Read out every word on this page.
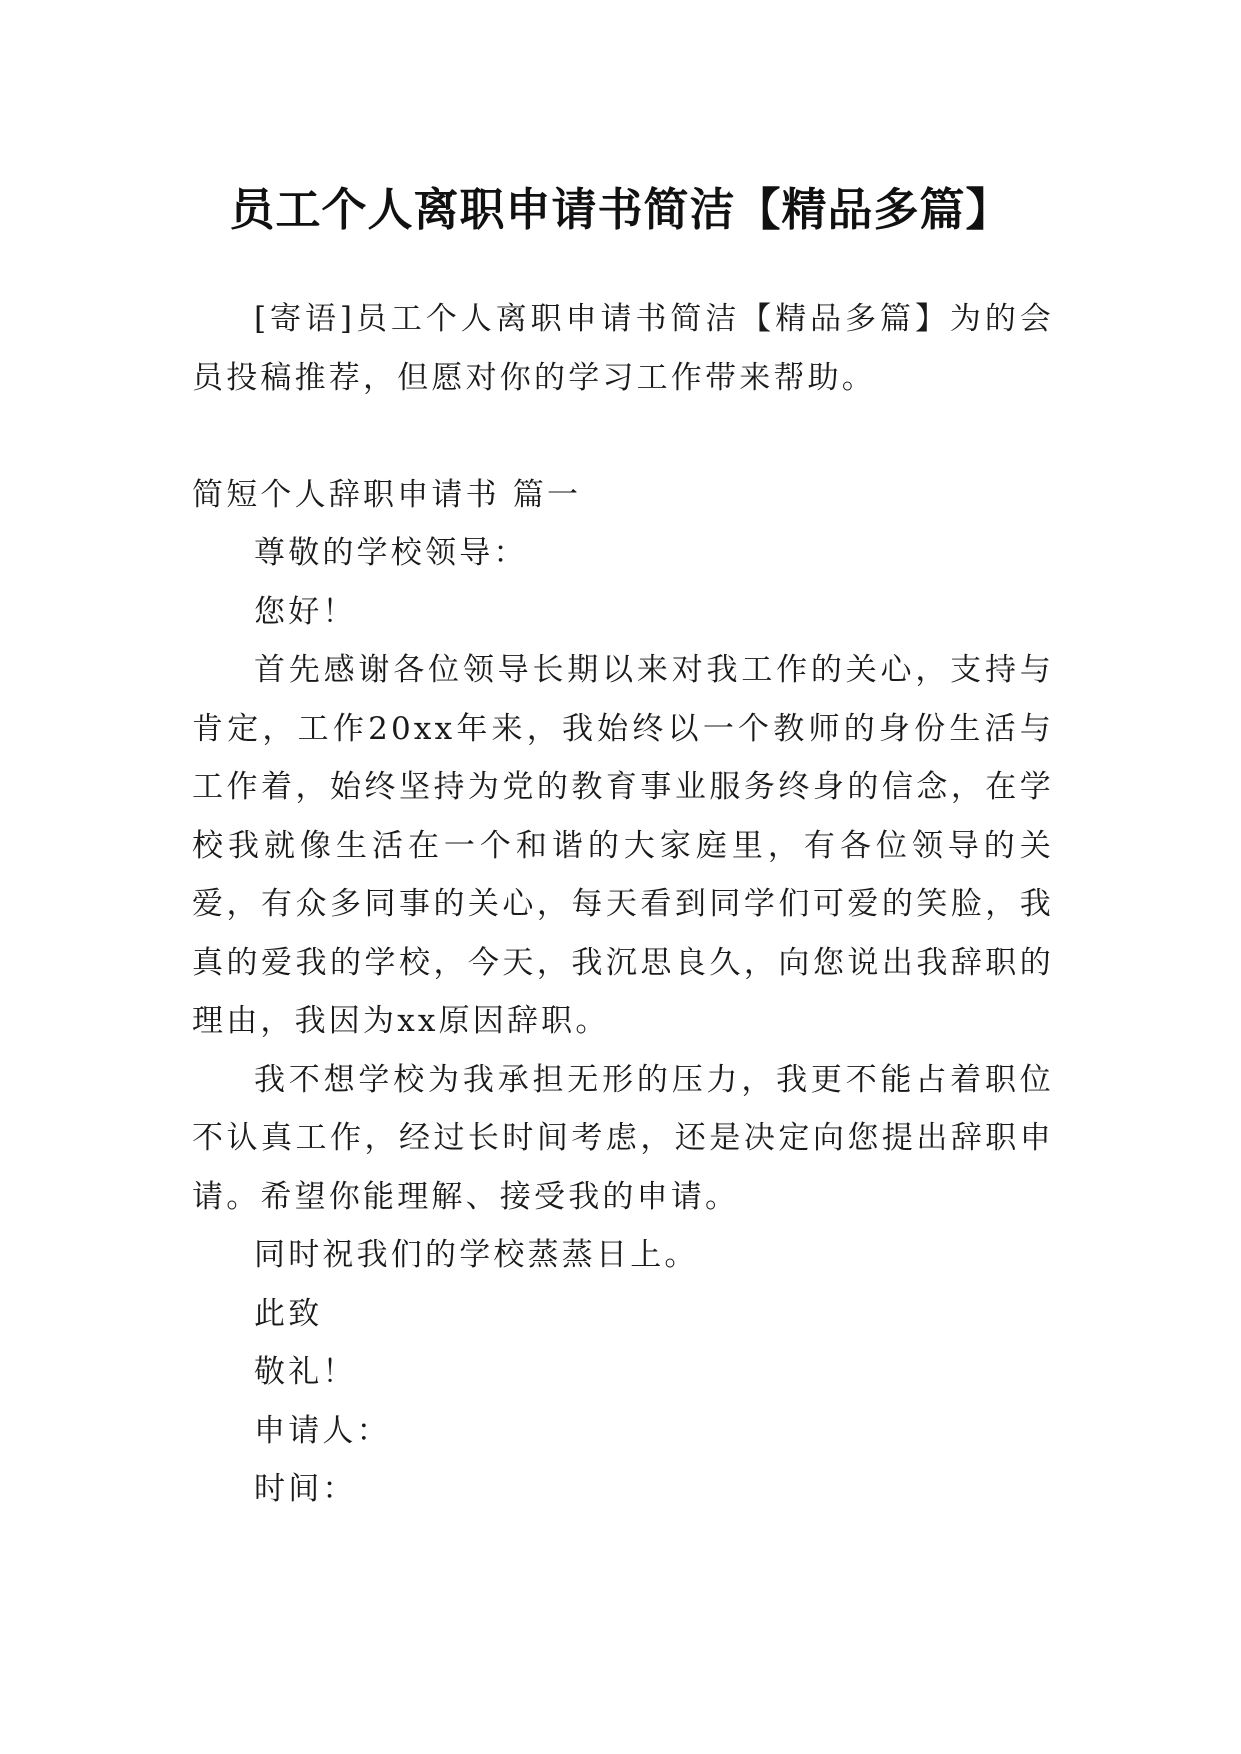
员工个人离职申请书简洁【精品多篇】

[寄语]员工个人离职申请书简洁【精品多篇】为的会员投稿推荐，但愿对你的学习工作带来帮助。

简短个人辞职申请书 篇一

尊敬的学校领导：

您好！

首先感谢各位领导长期以来对我工作的关心，支持与肯定，工作20xx年来，我始终以一个教师的身份生活与工作着，始终坚持为党的教育事业服务终身的信念，在学校我就像生活在一个和谐的大家庭里，有各位领导的关爱，有众多同事的关心，每天看到同学们可爱的笑脸，我真的爱我的学校，今天，我沉思良久，向您说出我辞职的理由，我因为xx原因辞职。

我不想学校为我承担无形的压力，我更不能占着职位不认真工作，经过长时间考虑，还是决定向您提出辞职申请。希望你能理解、接受我的申请。

同时祝我们的学校蒸蒸日上。

此致

敬礼！

申请人：

时间：
